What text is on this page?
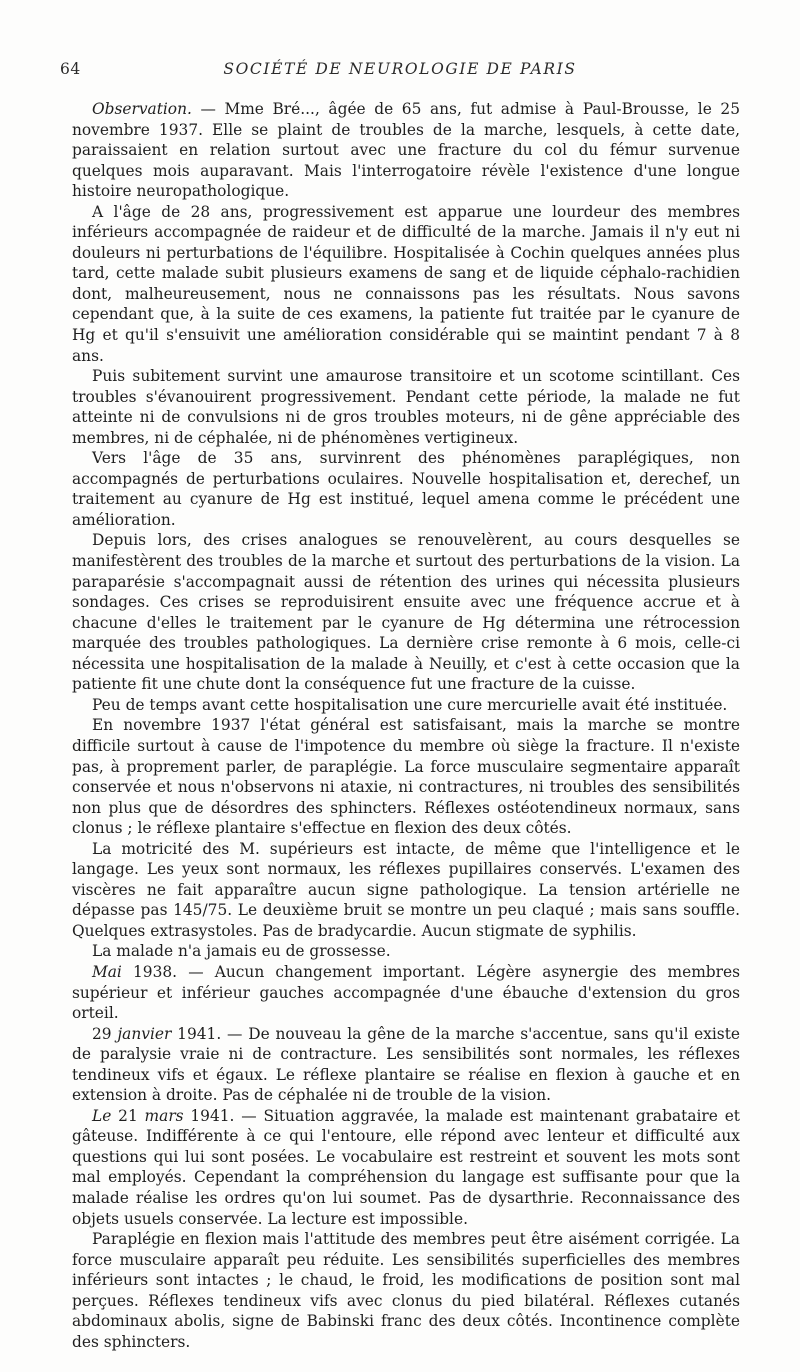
64	SOCIÉTÉ DE NEUROLOGIE DE PARIS

Observation. — Mme Bré..., âgée de 65 ans, fut admise à Paul-Brousse, le 25 novembre 1937. Elle se plaint de troubles de la marche, lesquels, à cette date, paraissaient en relation surtout avec une fracture du col du fémur survenue quelques mois auparavant. Mais l'interrogatoire révèle l'existence d'une longue histoire neuropathologique.

A l'âge de 28 ans, progressivement est apparue une lourdeur des membres inférieurs accompagnée de raideur et de difficulté de la marche. Jamais il n'y eut ni douleurs ni perturbations de l'équilibre. Hospitalisée à Cochin quelques années plus tard, cette malade subit plusieurs examens de sang et de liquide céphalo-rachidien dont, malheureusement, nous ne connaissons pas les résultats. Nous savons cependant que, à la suite de ces examens, la patiente fut traitée par le cyanure de Hg et qu'il s'ensuivit une amélioration considérable qui se maintint pendant 7 à 8 ans.

Puis subitement survint une amaurose transitoire et un scotome scintillant. Ces troubles s'évanouirent progressivement. Pendant cette période, la malade ne fut atteinte ni de convulsions ni de gros troubles moteurs, ni de gêne appréciable des membres, ni de céphalée, ni de phénomènes vertigineux.

Vers l'âge de 35 ans, survinrent des phénomènes paraplégiques, non accompagnés de perturbations oculaires. Nouvelle hospitalisation et, derechef, un traitement au cyanure de Hg est institué, lequel amena comme le précédent une amélioration.

Depuis lors, des crises analogues se renouvelèrent, au cours desquelles se manifestèrent des troubles de la marche et surtout des perturbations de la vision. La paraparésie s'accompagnait aussi de rétention des urines qui nécessita plusieurs sondages. Ces crises se reproduisirent ensuite avec une fréquence accrue et à chacune d'elles le traitement par le cyanure de Hg détermina une rétrocession marquée des troubles pathologiques. La dernière crise remonte à 6 mois, celle-ci nécessita une hospitalisation de la malade à Neuilly, et c'est à cette occasion que la patiente fit une chute dont la conséquence fut une fracture de la cuisse.

Peu de temps avant cette hospitalisation une cure mercurielle avait été instituée.

En novembre 1937 l'état général est satisfaisant, mais la marche se montre difficile surtout à cause de l'impotence du membre où siège la fracture. Il n'existe pas, à proprement parler, de paraplégie. La force musculaire segmentaire apparaît conservée et nous n'observons ni ataxie, ni contractures, ni troubles des sensibilités non plus que de désordres des sphincters. Réflexes ostéotendineux normaux, sans clonus ; le réflexe plantaire s'effectue en flexion des deux côtés.

La motricité des M. supérieurs est intacte, de même que l'intelligence et le langage. Les yeux sont normaux, les réflexes pupillaires conservés. L'examen des viscères ne fait apparaître aucun signe pathologique. La tension artérielle ne dépasse pas 145/75. Le deuxième bruit se montre un peu claqué ; mais sans souffle. Quelques extrasystoles. Pas de bradycardie. Aucun stigmate de syphilis.

La malade n'a jamais eu de grossesse.

Mai 1938. — Aucun changement important. Légère asynergie des membres supérieur et inférieur gauches accompagnée d'une ébauche d'extension du gros orteil.

29 janvier 1941. — De nouveau la gêne de la marche s'accentue, sans qu'il existe de paralysie vraie ni de contracture. Les sensibilités sont normales, les réflexes tendineux vifs et égaux. Le réflexe plantaire se réalise en flexion à gauche et en extension à droite. Pas de céphalée ni de trouble de la vision.

Le 21 mars 1941. — Situation aggravée, la malade est maintenant grabataire et gâteuse. Indifférente à ce qui l'entoure, elle répond avec lenteur et difficulté aux questions qui lui sont posées. Le vocabulaire est restreint et souvent les mots sont mal employés. Cependant la compréhension du langage est suffisante pour que la malade réalise les ordres qu'on lui soumet. Pas de dysarthrie. Reconnaissance des objets usuels conservée. La lecture est impossible.

Paraplégie en flexion mais l'attitude des membres peut être aisément corrigée. La force musculaire apparaît peu réduite. Les sensibilités superficielles des membres inférieurs sont intactes ; le chaud, le froid, les modifications de position sont mal perçues. Réflexes tendineux vifs avec clonus du pied bilatéral. Réflexes cutanés abdominaux abolis, signe de Babinski franc des deux côtés. Incontinence complète des sphincters.
